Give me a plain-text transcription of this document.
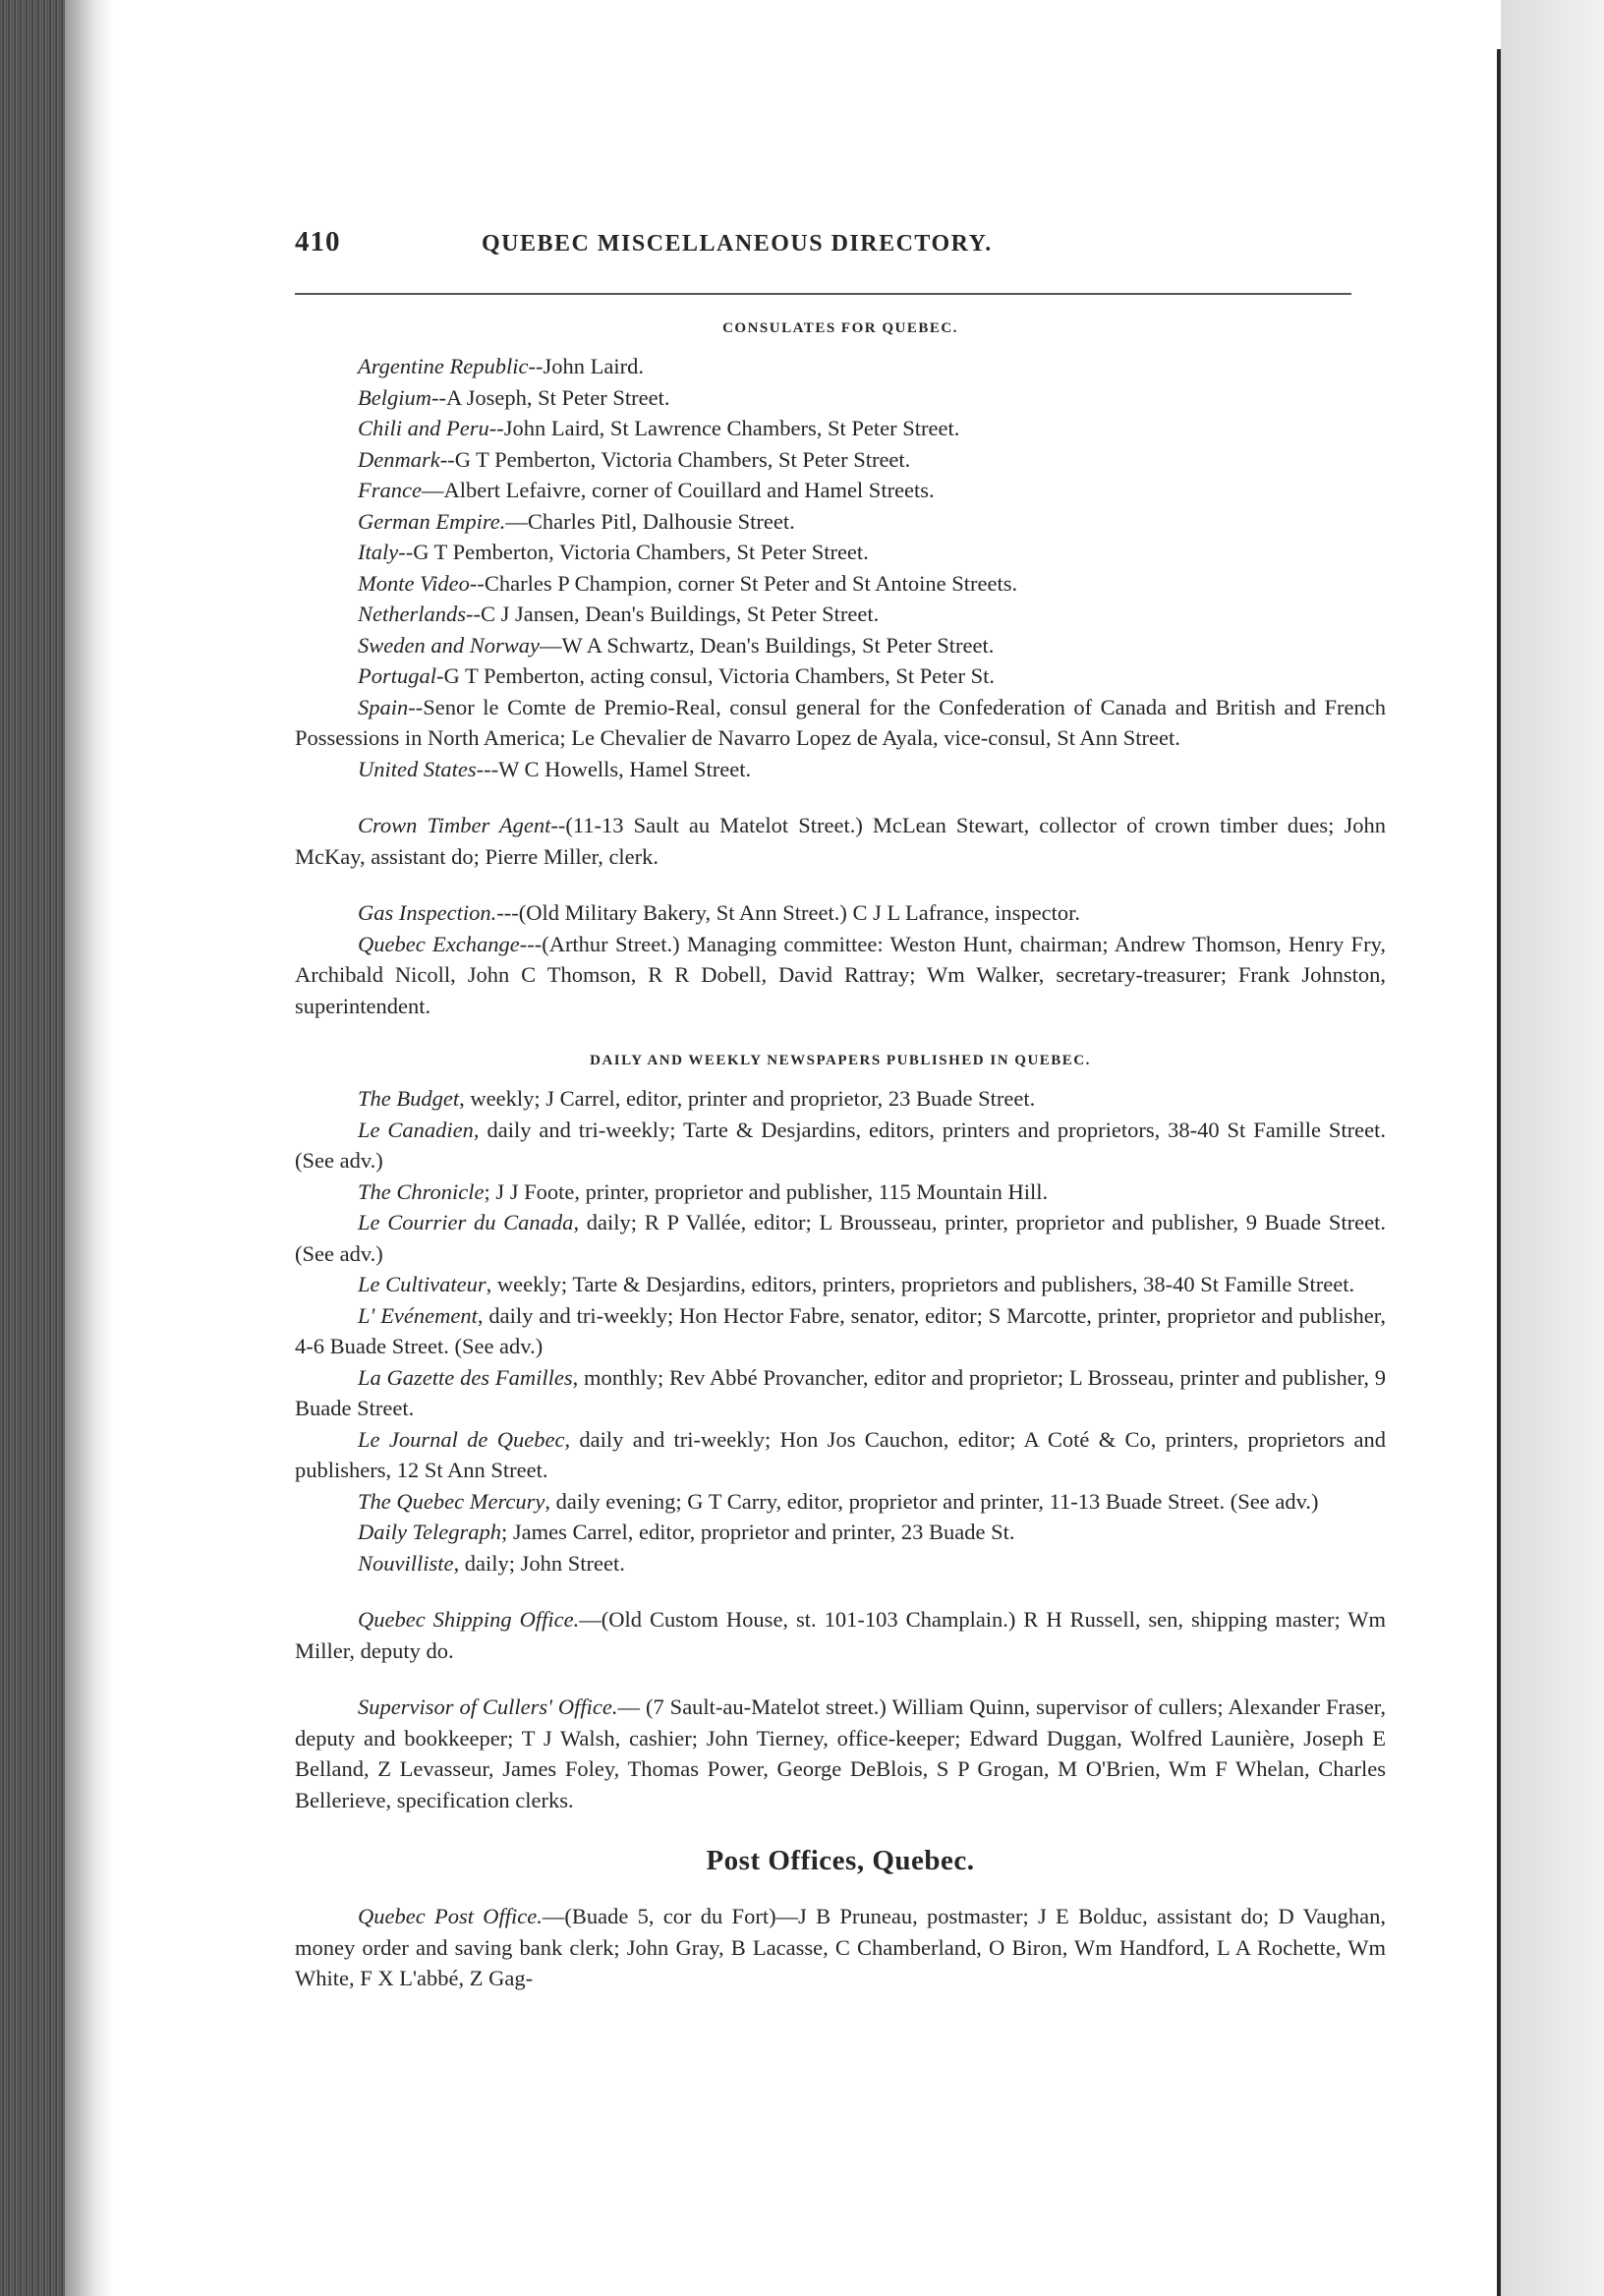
410	QUEBEC MISCELLANEOUS DIRECTORY.
CONSULATES FOR QUEBEC.

Argentine Republic--John Laird.

Belgium--A Joseph, St Peter Street.

Chili and Peru--John Laird, St Lawrence Chambers, St Peter Street.

Denmark--G T Pemberton, Victoria Chambers, St Peter Street.

France—Albert Lefaivre, corner of Couillard and Hamel Streets.

German Empire.—Charles Pitl, Dalhousie Street.

Italy--G T Pemberton, Victoria Chambers, St Peter Street.

Monte Video--Charles P Champion, corner St Peter and St Antoine Streets.

Netherlands--C J Jansen, Dean's Buildings, St Peter Street.

Sweden and Norway—W A Schwartz, Dean's Buildings, St Peter Street.

Portugal-G T Pemberton, acting consul, Victoria Chambers, St Peter St.

Spain--Senor le Comte de Premio-Real, consul general for the Confederation of Canada and British and French Possessions in North America; Le Chevalier de Navarro Lopez de Ayala, vice-consul, St Ann Street.

United States---W C Howells, Hamel Street.

Crown Timber Agent--(11-13 Sault au Matelot Street.) McLean Stewart, collector of crown timber dues; John McKay, assistant do; Pierre Miller, clerk.

Gas Inspection.---(Old Military Bakery, St Ann Street.) C J L Lafrance, inspector.

Quebec Exchange---(Arthur Street.) Managing committee: Weston Hunt, chairman; Andrew Thomson, Henry Fry, Archibald Nicoll, John C Thomson, R R Dobell, David Rattray; Wm Walker, secretary-treasurer; Frank Johnston, superintendent.

DAILY AND WEEKLY NEWSPAPERS PUBLISHED IN QUEBEC.

The Budget, weekly; J Carrel, editor, printer and proprietor, 23 Buade Street.

Le Canadien, daily and tri-weekly; Tarte & Desjardins, editors, printers and proprietors, 38-40 St Famille Street. (See adv.)

The Chronicle; J J Foote, printer, proprietor and publisher, 115 Mountain Hill.

Le Courrier du Canada, daily; R P Vallée, editor; L Brousseau, printer, proprietor and publisher, 9 Buade Street. (See adv.)

Le Cultivateur, weekly; Tarte & Desjardins, editors, printers, proprietors and publishers, 38-40 St Famille Street.

L' Evénement, daily and tri-weekly; Hon Hector Fabre, senator, editor; S Marcotte, printer, proprietor and publisher, 4-6 Buade Street. (See adv.)

La Gazette des Familles, monthly; Rev Abbé Provancher, editor and proprietor; L Brosseau, printer and publisher, 9 Buade Street.

Le Journal de Quebec, daily and tri-weekly; Hon Jos Cauchon, editor; A Coté & Co, printers, proprietors and publishers, 12 St Ann Street.

The Quebec Mercury, daily evening; G T Carry, editor, proprietor and printer, 11-13 Buade Street. (See adv.)

Daily Telegraph; James Carrel, editor, proprietor and printer, 23 Buade St.

Nouvilliste, daily; John Street.

Quebec Shipping Office.—(Old Custom House, st. 101-103 Champlain.) R H Russell, sen, shipping master; Wm Miller, deputy do.

Supervisor of Cullers' Office.— (7 Sault-au-Matelot street.) William Quinn, supervisor of cullers; Alexander Fraser, deputy and bookkeeper; T J Walsh, cashier; John Tierney, office-keeper; Edward Duggan, Wolfred Launière, Joseph E Belland, Z Levasseur, James Foley, Thomas Power, George DeBlois, S P Grogan, M O'Brien, Wm F Whelan, Charles Bellerieve, specification clerks.

Post Offices, Quebec.

Quebec Post Office.—(Buade 5, cor du Fort)—J B Pruneau, postmaster; J E Bolduc, assistant do; D Vaughan, money order and saving bank clerk; John Gray, B Lacasse, C Chamberland, O Biron, Wm Handford, L A Rochette, Wm White, F X L'abbé, Z Gag-
